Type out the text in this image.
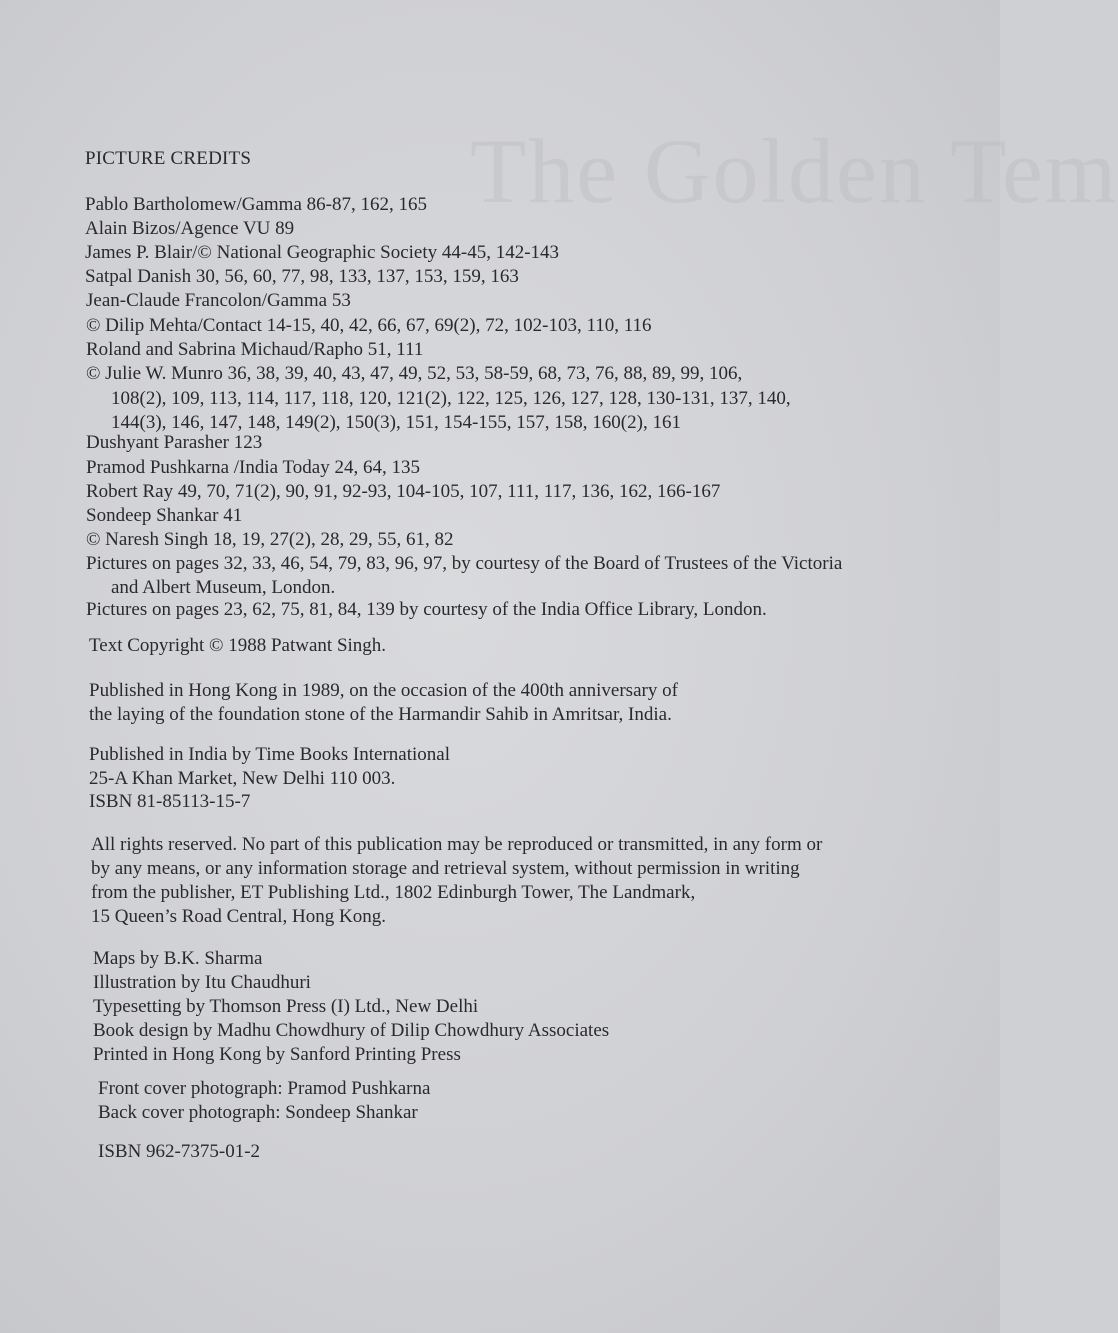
The Golden Tem
PICTURE CREDITS
Pablo Bartholomew/Gamma 86-87, 162, 165
Alain Bizos/Agence VU 89
James P. Blair/© National Geographic Society 44-45, 142-143
Satpal Danish 30, 56, 60, 77, 98, 133, 137, 153, 159, 163
Jean-Claude Francolon/Gamma 53
© Dilip Mehta/Contact 14-15, 40, 42, 66, 67, 69(2), 72, 102-103, 110, 116
Roland and Sabrina Michaud/Rapho 51, 111
© Julie W. Munro 36, 38, 39, 40, 43, 47, 49, 52, 53, 58-59, 68, 73, 76, 88, 89, 99, 106,
108(2), 109, 113, 114, 117, 118, 120, 121(2), 122, 125, 126, 127, 128, 130-131, 137, 140,
144(3), 146, 147, 148, 149(2), 150(3), 151, 154-155, 157, 158, 160(2), 161
Dushyant Parasher 123
Pramod Pushkarna /India Today 24, 64, 135
Robert Ray 49, 70, 71(2), 90, 91, 92-93, 104-105, 107, 111, 117, 136, 162, 166-167
Sondeep Shankar 41
© Naresh Singh 18, 19, 27(2), 28, 29, 55, 61, 82
Pictures on pages 32, 33, 46, 54, 79, 83, 96, 97, by courtesy of the Board of Trustees of the Victoria
and Albert Museum, London.
Pictures on pages 23, 62, 75, 81, 84, 139 by courtesy of the India Office Library, London.
Text Copyright © 1988 Patwant Singh.
Published in Hong Kong in 1989, on the occasion of the 400th anniversary of
the laying of the foundation stone of the Harmandir Sahib in Amritsar, India.
Published in India by Time Books International
25-A Khan Market, New Delhi 110 003.
ISBN 81-85113-15-7
All rights reserved. No part of this publication may be reproduced or transmitted, in any form or
by any means, or any information storage and retrieval system, without permission in writing
from the publisher, ET Publishing Ltd., 1802 Edinburgh Tower, The Landmark,
15 Queen’s Road Central, Hong Kong.
Maps by B.K. Sharma
Illustration by Itu Chaudhuri
Typesetting by Thomson Press (I) Ltd., New Delhi
Book design by Madhu Chowdhury of Dilip Chowdhury Associates
Printed in Hong Kong by Sanford Printing Press
Front cover photograph: Pramod Pushkarna
Back cover photograph: Sondeep Shankar
ISBN 962-7375-01-2
